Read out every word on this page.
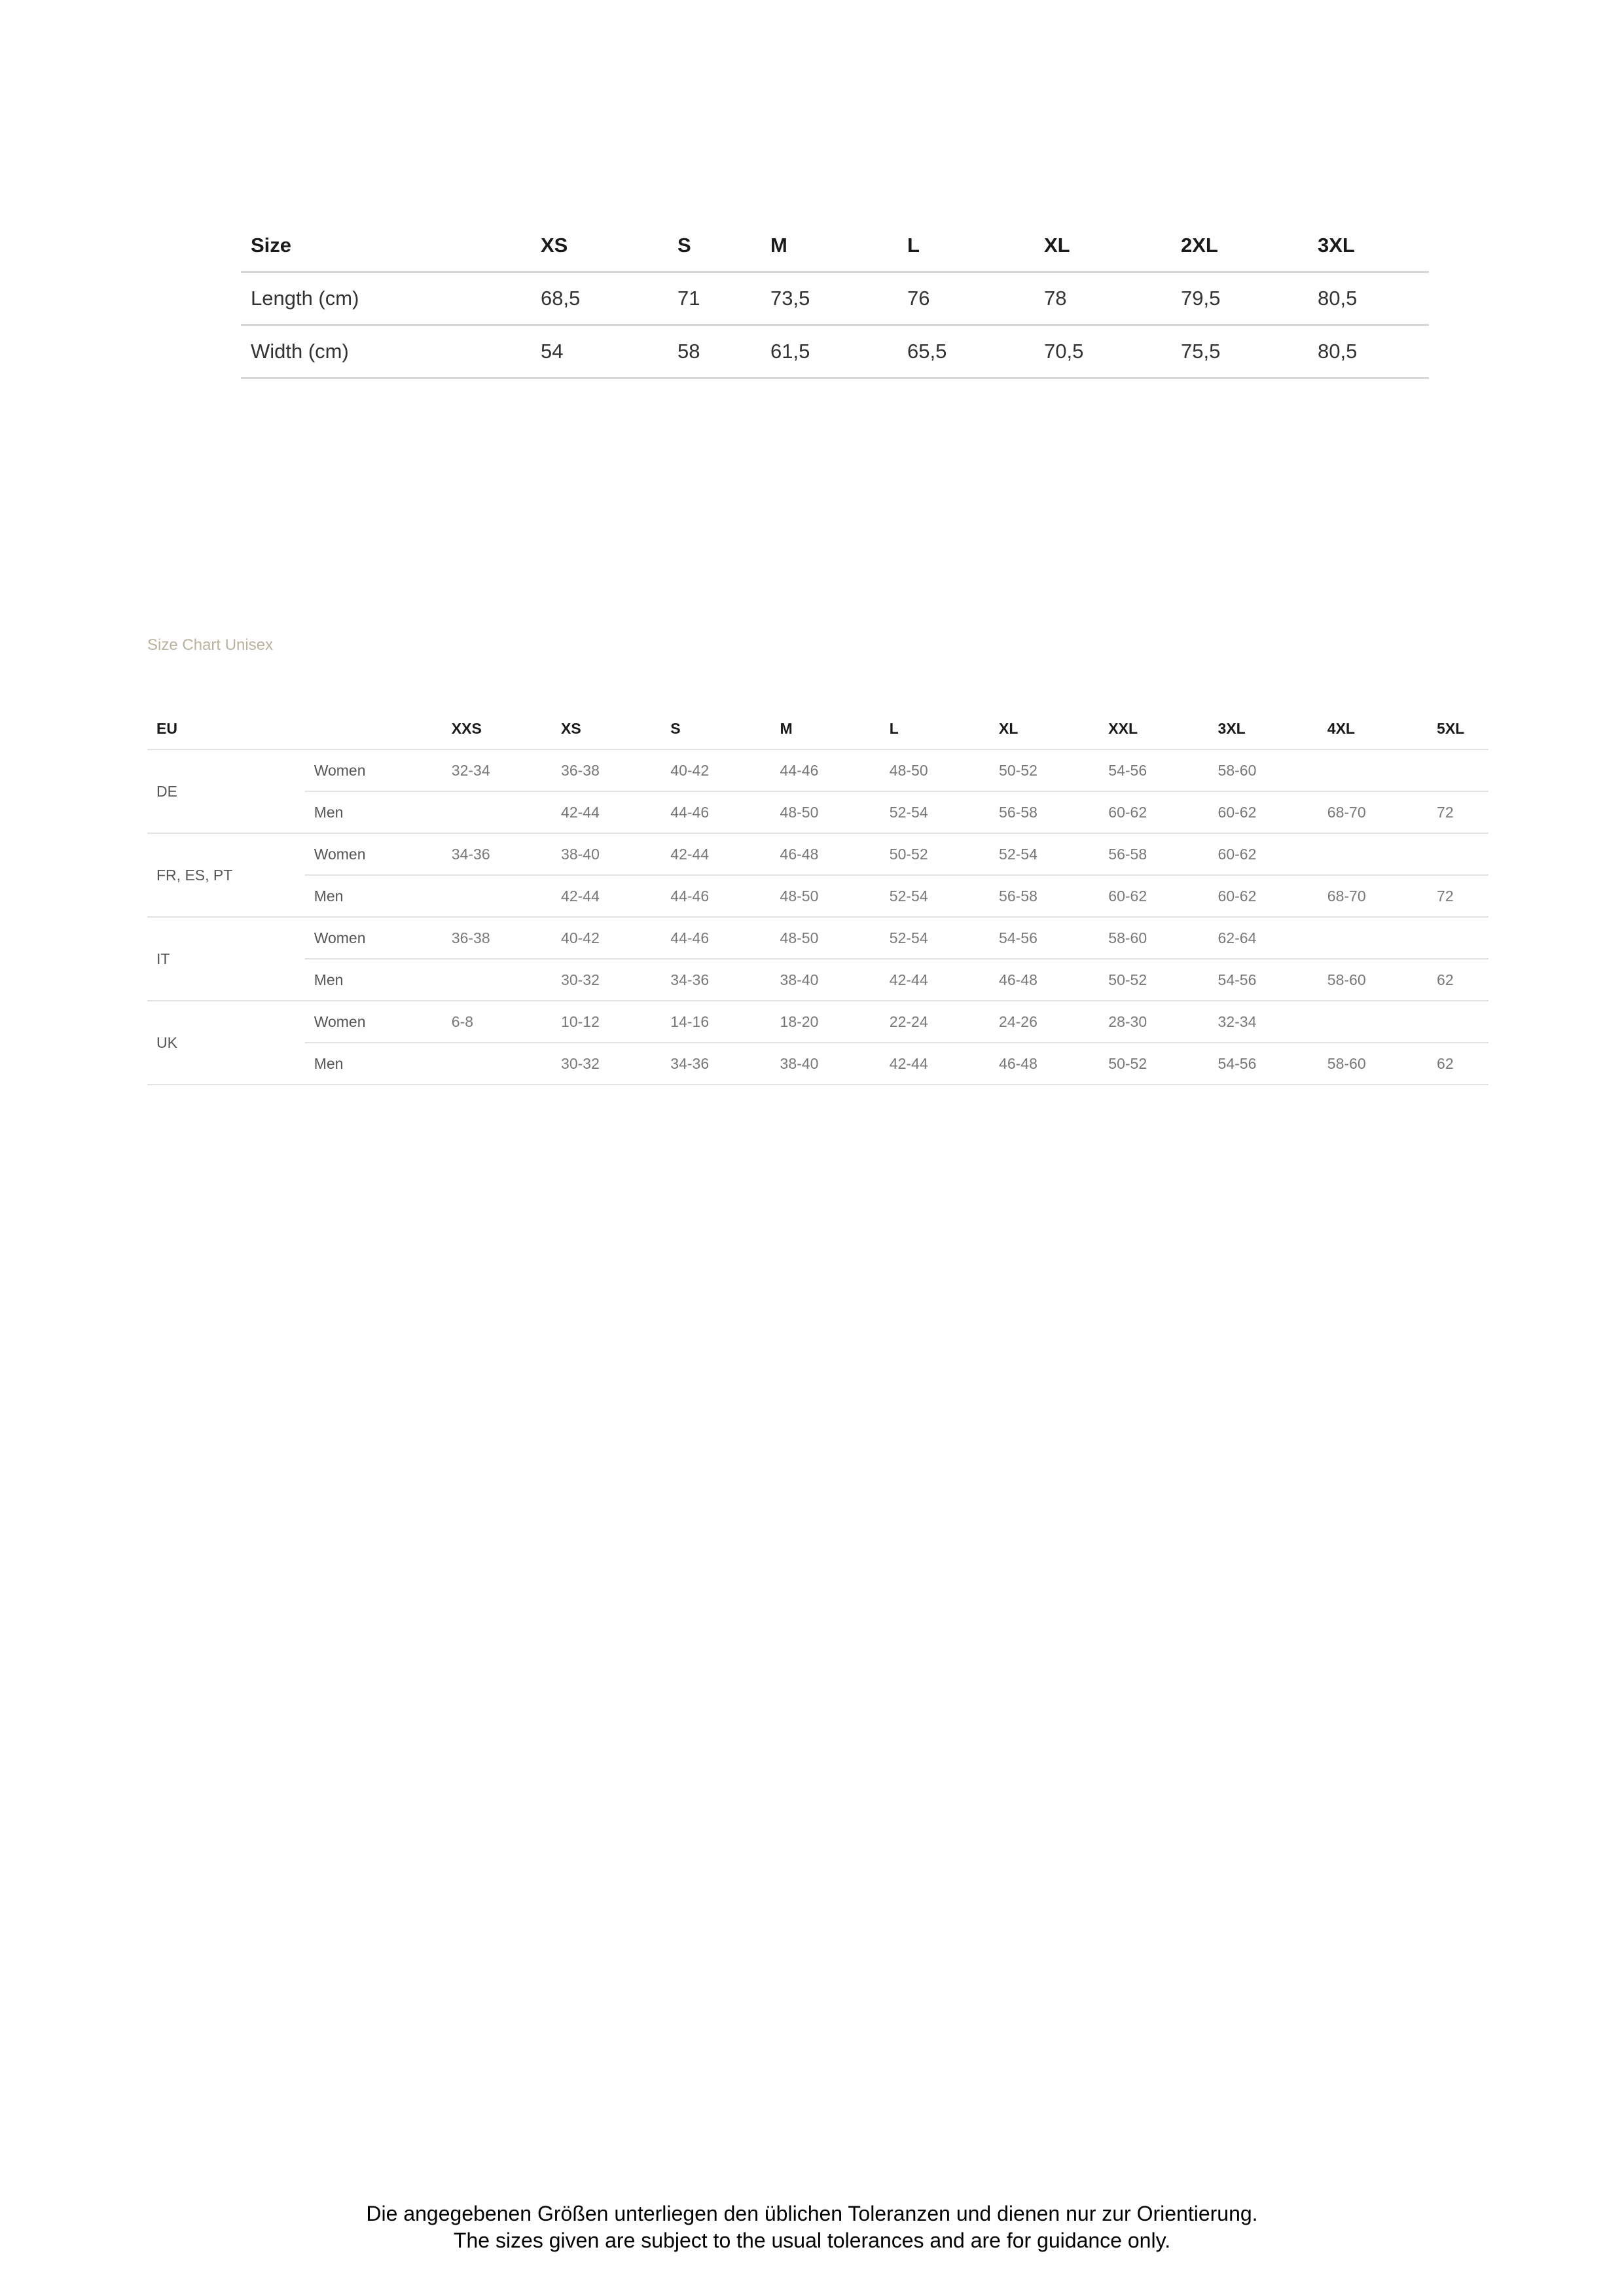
Size	XS	S	M	L	XL	2XL	3XL
Length (cm)	68,5	71	73,5	76	78	79,5	80,5
Width (cm)	54	58	61,5	65,5	70,5	75,5	80,5
Size Chart Unisex
EU		XXS	XS	S	M	L	XL	XXL	3XL	4XL	5XL
DE	Women	32-34	36-38	40-42	44-46	48-50	50-52	54-56	58-60		
	Men		42-44	44-46	48-50	52-54	56-58	60-62	60-62	68-70	72
FR, ES, PT	Women	34-36	38-40	42-44	46-48	50-52	52-54	56-58	60-62		
	Men		42-44	44-46	48-50	52-54	56-58	60-62	60-62	68-70	72
IT	Women	36-38	40-42	44-46	48-50	52-54	54-56	58-60	62-64		
	Men		30-32	34-36	38-40	42-44	46-48	50-52	54-56	58-60	62
UK	Women	6-8	10-12	14-16	18-20	22-24	24-26	28-30	32-34		
	Men		30-32	34-36	38-40	42-44	46-48	50-52	54-56	58-60	62

Die angegebenen Größen unterliegen den üblichen Toleranzen und dienen nur zur Orientierung.

The sizes given are subject to the usual tolerances and are for guidance only.
